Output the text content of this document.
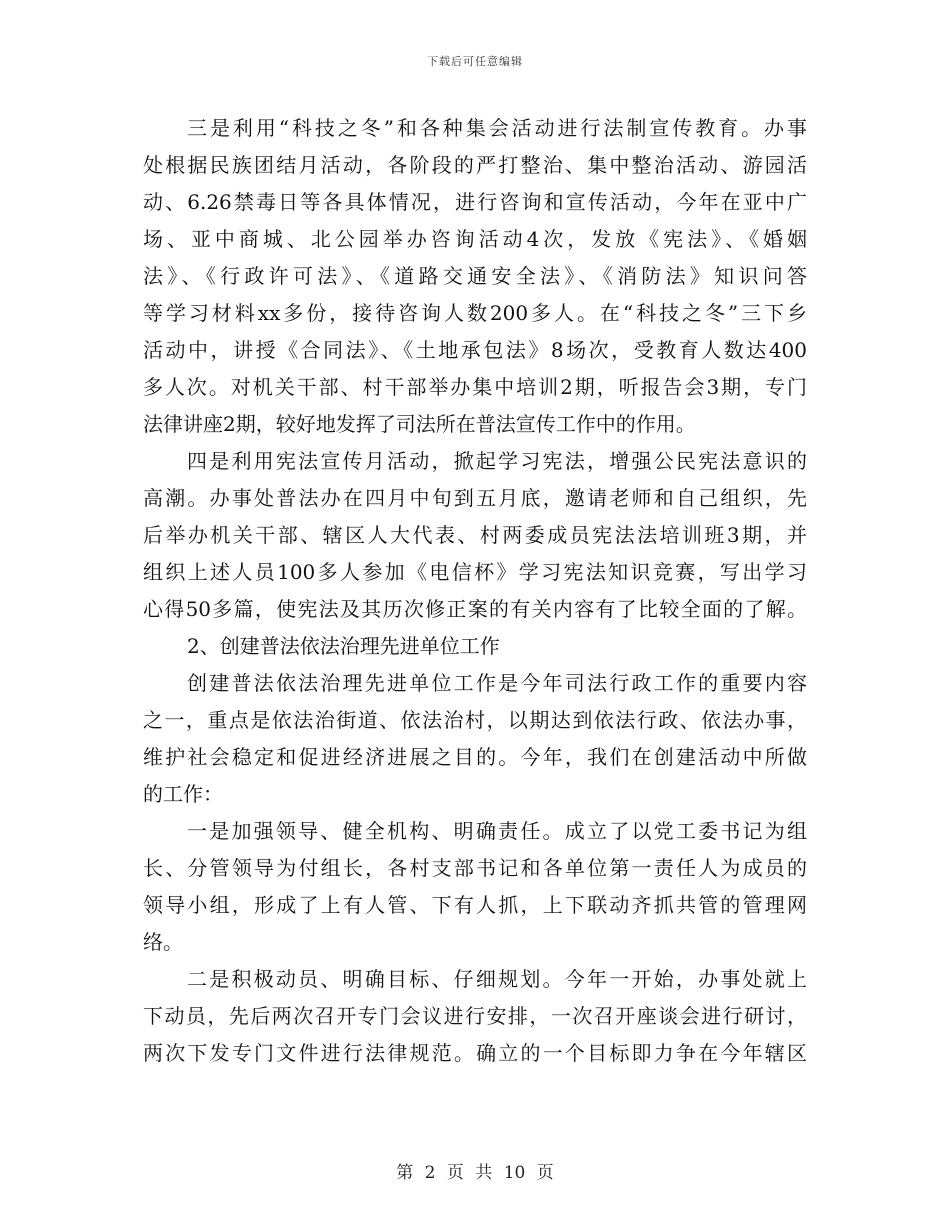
下载后可任意编辑
三是利用“科技之冬”和各种集会活动进行法制宣传教育。办事
处根据民族团结月活动，各阶段的严打整治、集中整治活动、游园活
动、6.26禁毒日等各具体情况，进行咨询和宣传活动，今年在亚中广
场、亚中商城、北公园举办咨询活动4次，发放《宪法》、《婚姻
法》、《行政许可法》、《道路交通安全法》、《消防法》知识问答
等学习材料xx多份，接待咨询人数200多人。在“科技之冬”三下乡
活动中，讲授《合同法》、《土地承包法》8场次，受教育人数达400
多人次。对机关干部、村干部举办集中培训2期，听报告会3期，专门
法律讲座2期，较好地发挥了司法所在普法宣传工作中的作用。
四是利用宪法宣传月活动，掀起学习宪法，增强公民宪法意识的
高潮。办事处普法办在四月中旬到五月底，邀请老师和自己组织，先
后举办机关干部、辖区人大代表、村两委成员宪法法培训班3期，并
组织上述人员100多人参加《电信杯》学习宪法知识竞赛，写出学习
心得50多篇，使宪法及其历次修正案的有关内容有了比较全面的了解。
2、创建普法依法治理先进单位工作
创建普法依法治理先进单位工作是今年司法行政工作的重要内容
之一，重点是依法治街道、依法治村，以期达到依法行政、依法办事，
维护社会稳定和促进经济进展之目的。今年，我们在创建活动中所做
的工作：
一是加强领导、健全机构、明确责任。成立了以党工委书记为组
长、分管领导为付组长，各村支部书记和各单位第一责任人为成员的
领导小组，形成了上有人管、下有人抓，上下联动齐抓共管的管理网
络。
二是积极动员、明确目标、仔细规划。今年一开始，办事处就上
下动员，先后两次召开专门会议进行安排，一次召开座谈会进行研讨，
两次下发专门文件进行法律规范。确立的一个目标即力争在今年辖区
第 2 页 共 10 页
